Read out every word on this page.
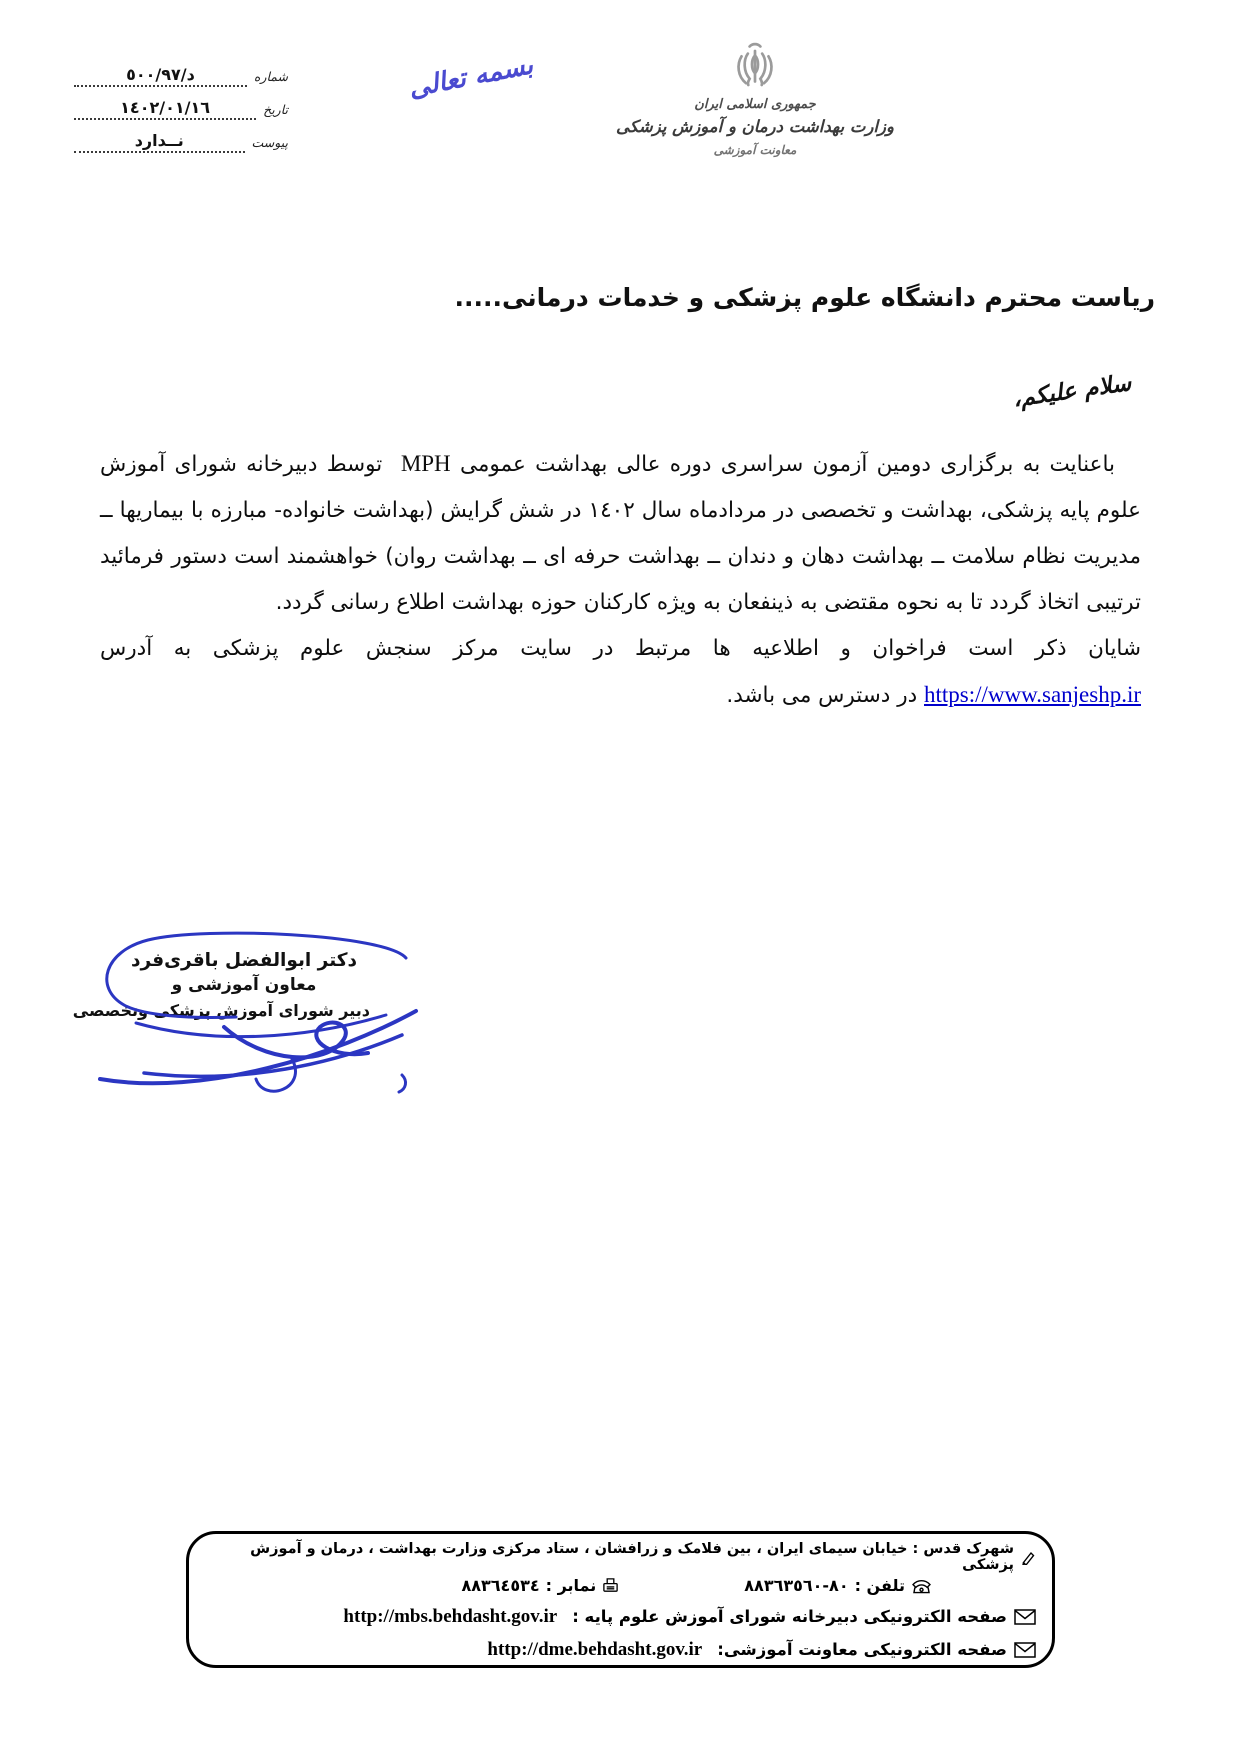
شماره
د/٥٠٠/٩٧
تاریخ
١٤٠٢/٠١/١٦
پیوست
نــدارد
بسمه تعالی
جمهوری اسلامی ایران
وزارت بهداشت درمان و آموزش پزشکی
معاونت آموزشی
ریاست محترم دانشگاه علوم پزشکی و خدمات درمانی.....
سلام علیکم،

باعنایت به برگزاری دومین آزمون سراسری دوره عالی بهداشت عمومی MPH  توسط دبیرخانه شورای آموزش علوم پایه پزشکی، بهداشت و تخصصی در مردادماه سال ١٤٠٢ در شش گرایش (بهداشت خانواده- مبارزه با بیماریها ــ مدیریت نظام سلامت ــ بهداشت دهان و دندان ــ بهداشت حرفه ای ــ بهداشت روان) خواهشمند است دستور فرمائید ترتیبی اتخاذ گردد تا به نحوه مقتضی به ذینفعان به ویژه کارکنان حوزه بهداشت اطلاع رسانی گردد.

شایان ذکر است فراخوان و اطلاعیه ها مرتبط در سایت مرکز سنجش علوم پزشکی به آدرس https://www.sanjeshp.ir در دسترس می باشد.

دکتر ابوالفضل باقری‌فرد
معاون آموزشی و
دبیر شورای آموزش پزشکی وتخصصی
شهرک قدس : خیابان سیمای ایران ، بین فلامک و زرافشان ، ستاد مرکزی وزارت بهداشت ، درمان و آموزش پزشکی
تلفن :
٨٠-٨٨٣٦٣٥٦٠
نمابر :
٨٨٣٦٤٥٣٤
صفحه الکترونیکی دبیرخانه شورای آموزش علوم پایه :
http://mbs.behdasht.gov.ir
صفحه الکترونیکی معاونت آموزشی:
http://dme.behdasht.gov.ir
